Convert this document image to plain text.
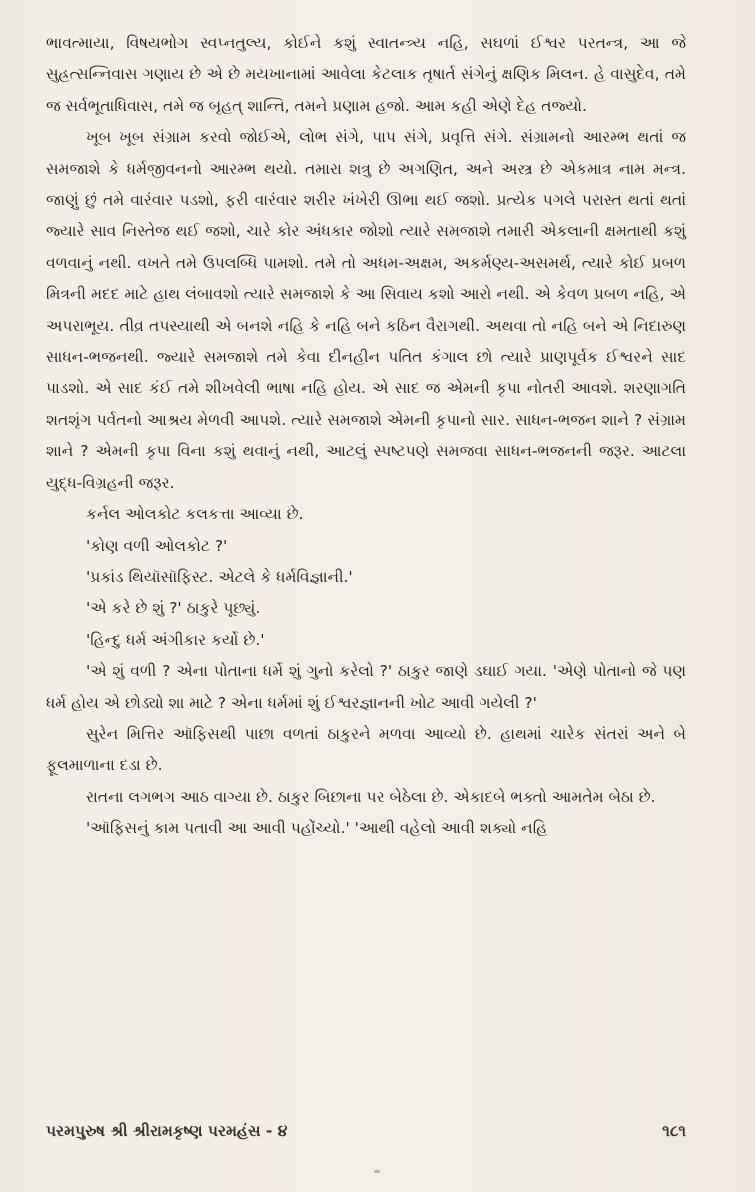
ભાવત્માયા, વિષયભોગ સ્વપ્નતુલ્ય, કોઈને કશું સ્વાતન્ત્ર્ય નહિ, સઘળાં ઈશ્વર પરતન્ત્ર, આ જે સુહ્રત્સન્નિવાસ ગણાય છે એ છે મયખાનામાં આવેલા કેટલાક તૃષાર્ત સંગેનું ક્ષણિક મિલન. હે વાસુદેવ, તમે જ સર્વભૂતાધિવાસ, તમે જ બૃહત્ શાન્તિ, તમને પ્રણામ હજો. આમ કહી એણે દેહ તજ્યો.

ખૂબ ખૂબ સંગ્રામ કરવો જોઈએ, લોભ સંગે, પાપ સંગે, પ્રવૃત્તિ સંગે. સંગ્રામનો આરમ્ભ થતાં જ સમજાશે કે ધર્મજીવનનો આરમ્ભ થયો. તમારા શત્રુ છે અગણિત, અને અસ્ત્ર છે એકમાત્ર નામ મન્ત્ર. જાણું છું તમે વારંવાર પડશો, ફરી વારંવાર શરીર ખંખેરી ઊભા થઈ જશો. પ્રત્યેક પગલે પરાસ્ત થતાં થતાં જ્યારે સાવ નિસ્તેજ થઈ જશો, ચારે કોર અંધકાર જોશો ત્યારે સમજાશે તમારી એકલાની ક્ષમતાથી કશું વળવાનું નથી. વખતે તમે ઉપલબ્ધિ પામશો. તમે તો અધમ-અક્ષમ, અકર્મણ્ય-અસમર્થ, ત્યારે કોઈ પ્રબળ મિત્રની મદદ માટે હાથ લંબાવશો ત્યારે સમજાશે કે આ સિવાય કશો આરો નથી. એ કેવળ પ્રબળ નહિ, એ અપરાભૂય. તીવ્ર તપસ્યાથી એ બનશે નહિ કે નહિ બને કઠિન વૈરાગથી. અથવા તો નહિ બને એ નિદારુણ સાધન-ભજનથી. જ્યારે સમજાશે તમે કેવા દીનહીન પતિત કંગાલ છો ત્યારે પ્રાણપૂર્વક ઈશ્વરને સાદ પાડશો. એ સાદ કંઈ તમે શીખવેલી ભાષા નહિ હોય. એ સાદ જ એમની કૃપા નોતરી આવશે. શરણાગતિ શતશૃંગ પર્વતનો આશ્રય મેળવી આપશે. ત્યારે સમજાશે એમની કૃપાનો સાર. સાધન-ભજન શાને ? સંગ્રામ શાને ? એમની કૃપા વિના કશું થવાનું નથી, આટલું સ્પષ્ટપણે સમજવા સાધન-ભજનની જરૂર. આટલા યુદ્ધ-વિગ્રહની જરૂર.

કર્નલ ઓલકોટ કલકત્તા આવ્યા છે.

'કોણ વળી ઓલકોટ ?'

'પ્રકાંડ થિયૉસૉફિસ્ટ. એટલે કે ધર્મવિજ્ઞાની.'

'એ કરે છે શું ?' ઠાકુરે પૂછ્યું.

'હિન્દુ ધર્મ અંગીકાર કર્યો છે.'

'એ શું વળી ? એના પોતાના ધર્મે શું ગુનો કરેલો ?' ઠાકુર જાણે ડઘાઈ ગયા. 'એણે પોતાનો જે પણ ધર્મ હોય એ છોડ્યો શા માટે ? એના ધર્મમાં શું ઈશ્વરજ્ઞાનની ખોટ આવી ગયેલી ?'

સુરેન મિત્તિર ઑફિસથી પાછા વળતાં ઠાકુરને મળવા આવ્યો છે. હાથમાં ચારેક સંતરાં અને બે ફૂલમાળાના દડા છે.

રાતના લગભગ આઠ વાગ્યા છે. ઠાકુર બિછાના પર બેઠેલા છે. એકાદબે ભક્તો આમતેમ બેઠા છે.

'ઑફિસનું કામ પતાવી આ આવી પહોંચ્યો.' 'આથી વહેલો આવી શક્યો નહિ

પરમપુરુષ શ્રી શ્રીરામકૃષ્ણ પરમહંસ - ૪	૧૮૧
